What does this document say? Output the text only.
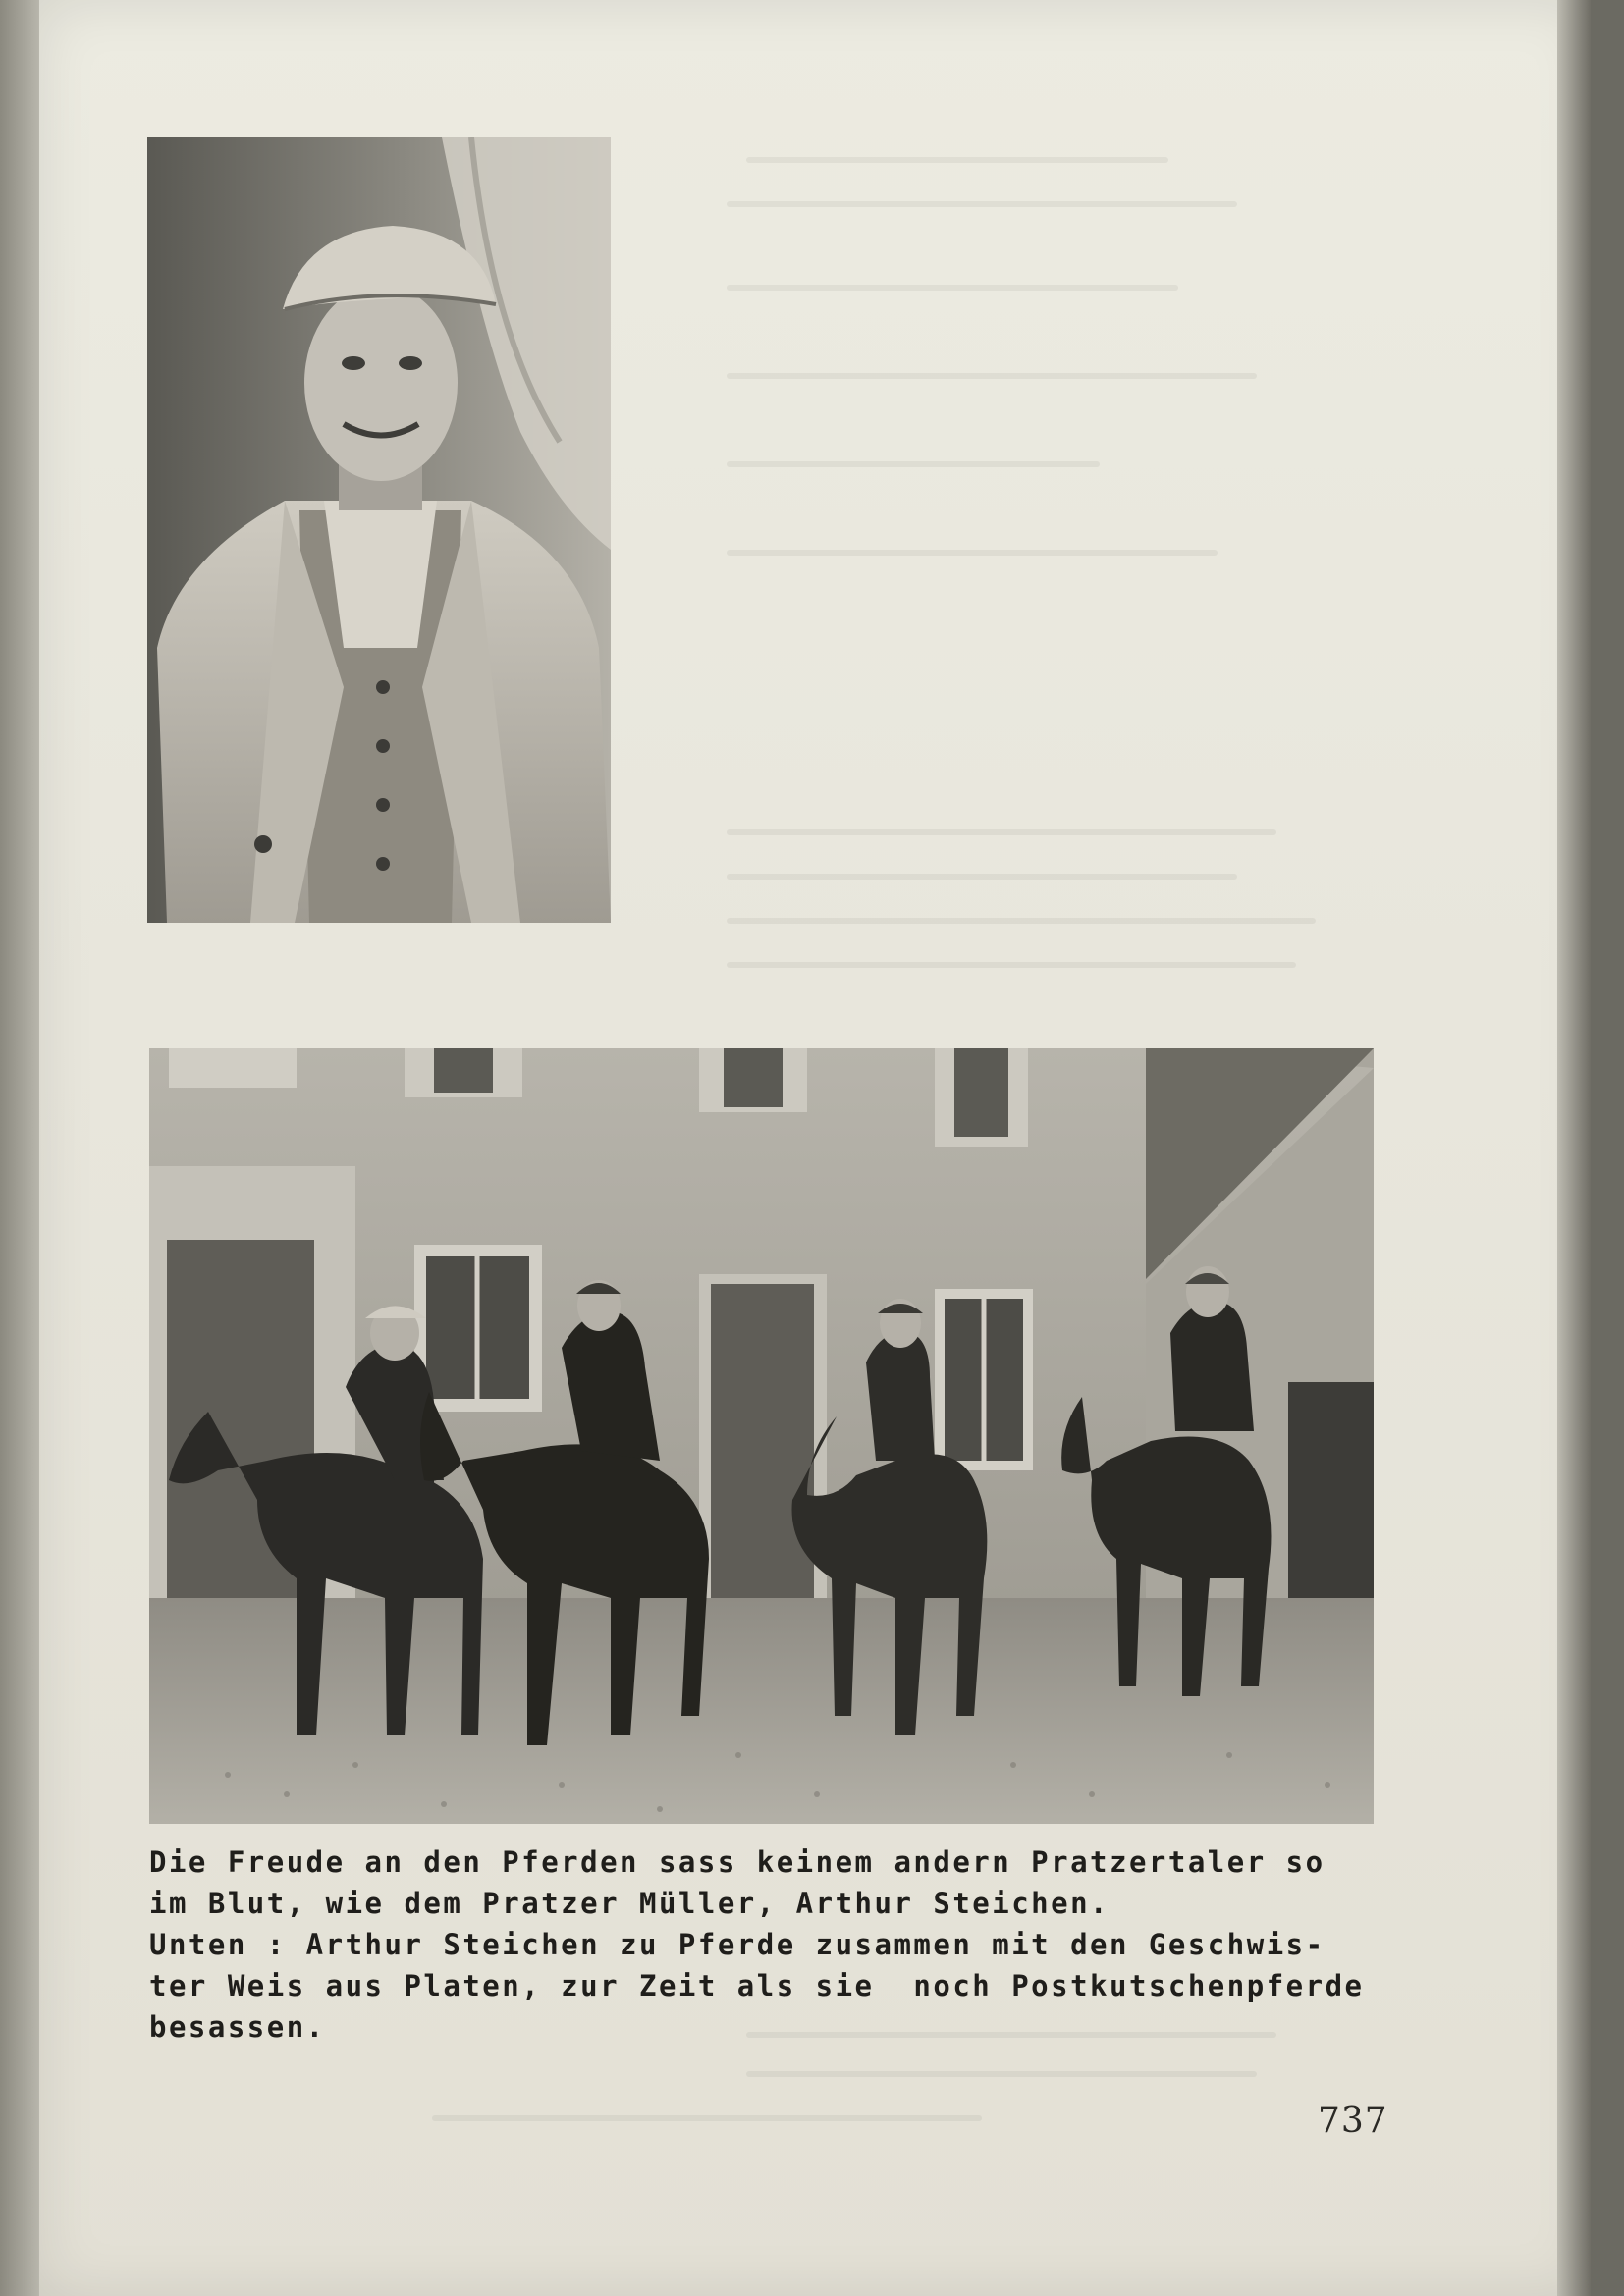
Die Freude an den Pferden sass keinem andern Pratzertaler so
im Blut, wie dem Pratzer Müller, Arthur Steichen.
Unten : Arthur Steichen zu Pferde zusammen mit den Geschwis-
ter Weis aus Platen, zur Zeit als sie  noch Postkutschenpferde
besassen.
737
